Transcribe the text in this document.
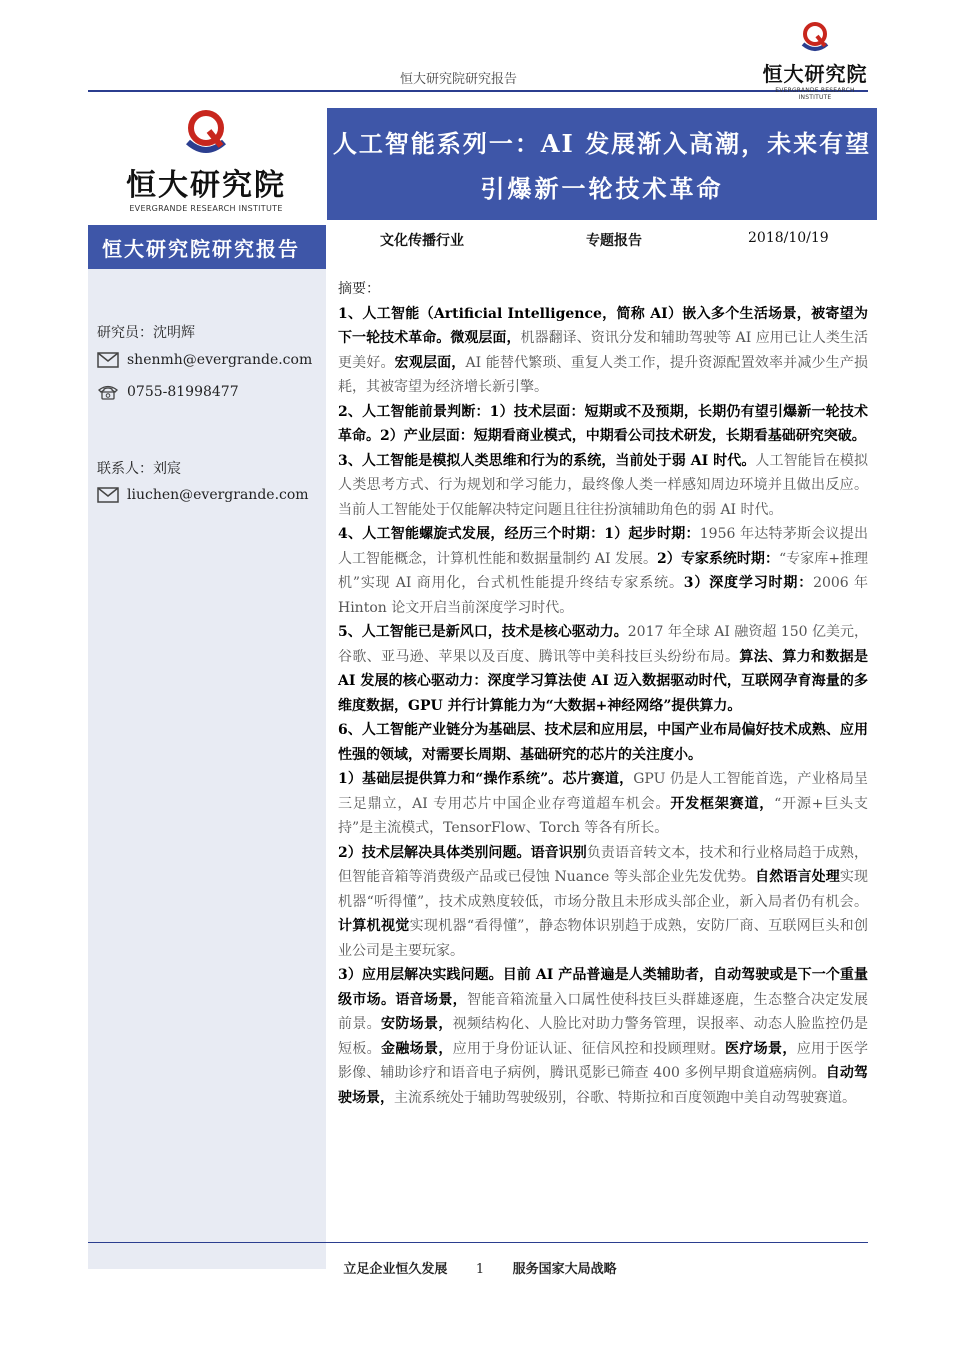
恒大研究院研究报告	恒大研究院
EVERGRANDE RESEARCH INSTITUTE
恒大研究院
EVERGRANDE RESEARCH INSTITUTE
恒大研究院研究报告
研究员：沈明辉
shenmh@evergrande.com
0755-81998477
联系人：刘宸
liuchen@evergrande.com
人工智能系列一：AI 发展渐入高潮，未来有望
引爆新一轮技术革命
文化传播行业	专题报告	2018/10/19

摘要：

1、人工智能（Artificial Intelligence，简称 AI）嵌入多个生活场景，被寄望为下一轮技术革命。微观层面，机器翻译、资讯分发和辅助驾驶等 AI 应用已让人类生活更美好。宏观层面，AI 能替代繁琐、重复人类工作，提升资源配置效率并减少生产损耗，其被寄望为经济增长新引擎。

2、人工智能前景判断：1）技术层面：短期或不及预期，长期仍有望引爆新一轮技术革命。2）产业层面：短期看商业模式，中期看公司技术研发，长期看基础研究突破。

3、人工智能是模拟人类思维和行为的系统，当前处于弱 AI 时代。人工智能旨在模拟人类思考方式、行为规划和学习能力，最终像人类一样感知周边环境并且做出反应。当前人工智能处于仅能解决特定问题且往往扮演辅助角色的弱 AI 时代。

4、人工智能螺旋式发展，经历三个时期：1）起步时期：1956 年达特茅斯会议提出人工智能概念，计算机性能和数据量制约 AI 发展。2）专家系统时期：“专家库+推理机”实现 AI 商用化，台式机性能提升终结专家系统。3）深度学习时期：2006 年 Hinton 论文开启当前深度学习时代。

5、人工智能已是新风口，技术是核心驱动力。2017 年全球 AI 融资超 150 亿美元，谷歌、亚马逊、苹果以及百度、腾讯等中美科技巨头纷纷布局。算法、算力和数据是 AI 发展的核心驱动力：深度学习算法使 AI 迈入数据驱动时代，互联网孕育海量的多维度数据，GPU 并行计算能力为“大数据+神经网络”提供算力。

6、人工智能产业链分为基础层、技术层和应用层，中国产业布局偏好技术成熟、应用性强的领域，对需要长周期、基础研究的芯片的关注度小。

1）基础层提供算力和“操作系统”。芯片赛道，GPU 仍是人工智能首选，产业格局呈三足鼎立，AI 专用芯片中国企业存弯道超车机会。开发框架赛道，“开源+巨头支持”是主流模式，TensorFlow、Torch 等各有所长。

2）技术层解决具体类别问题。语音识别负责语音转文本，技术和行业格局趋于成熟，但智能音箱等消费级产品或已侵蚀 Nuance 等头部企业先发优势。自然语言处理实现机器“听得懂”，技术成熟度较低，市场分散且未形成头部企业，新入局者仍有机会。计算机视觉实现机器“看得懂”，静态物体识别趋于成熟，安防厂商、互联网巨头和创业公司是主要玩家。

3）应用层解决实践问题。目前 AI 产品普遍是人类辅助者，自动驾驶或是下一个重量级市场。语音场景，智能音箱流量入口属性使科技巨头群雄逐鹿，生态整合决定发展前景。安防场景，视频结构化、人脸比对助力警务管理，误报率、动态人脸监控仍是短板。金融场景，应用于身份证认证、征信风控和投顾理财。医疗场景，应用于医学影像、辅助诊疗和语音电子病例，腾讯觅影已筛查 400 多例早期食道癌病例。自动驾驶场景，主流系统处于辅助驾驶级别，谷歌、特斯拉和百度领跑中美自动驾驶赛道。

立足企业恒久发展 1 服务国家大局战略
